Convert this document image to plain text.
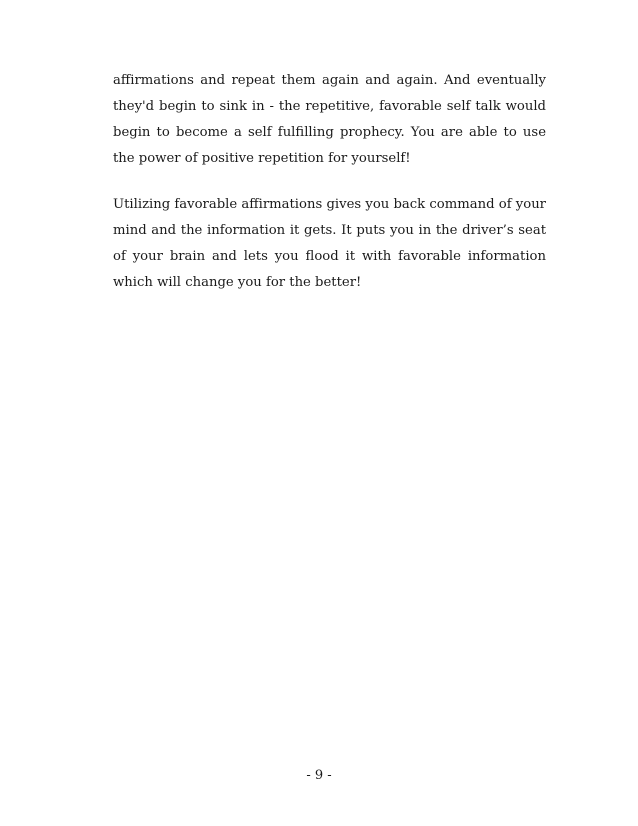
affirmations and repeat them again and again. And eventually they'd begin to sink in - the repetitive, favorable self talk would begin to become a self fulfilling prophecy. You are able to use the power of positive repetition for yourself!

Utilizing favorable affirmations gives you back command of your mind and the information it gets. It puts you in the driver’s seat of your brain and lets you flood it with favorable information which will change you for the better!

- 9 -
